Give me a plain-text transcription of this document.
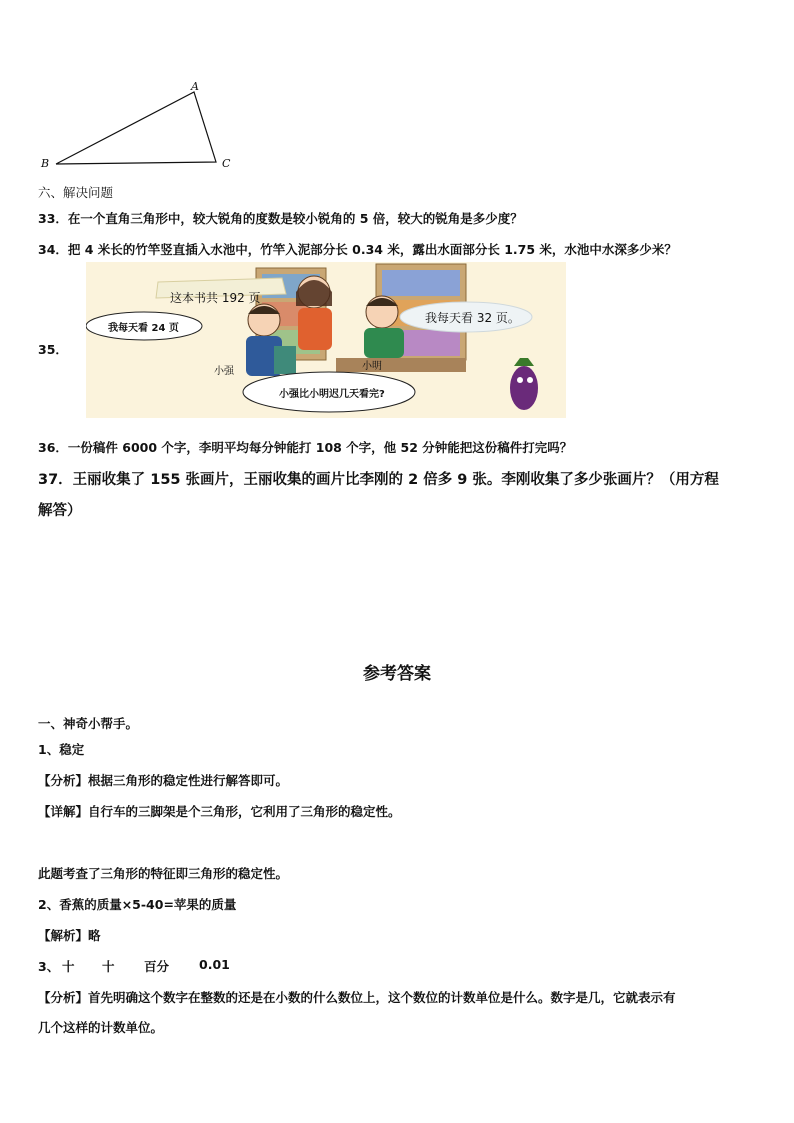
A
B	C
六、解决问题
33．在一个直角三角形中，较大锐角的度数是较小锐角的 5 倍，较大的锐角是多少度？
34．把 4 米长的竹竿竖直插入水池中，竹竿入泥部分长 0.34 米，露出水面部分长 1.75 米，水池中水深多少米？
35．
这本书共 192 页
我每天看 24 页
我每天看 32 页。
小强比小明迟几天看完?
小强	小明
36．一份稿件 6000 个字，李明平均每分钟能打 108 个字，他 52 分钟能把这份稿件打完吗？
37．王丽收集了 155 张画片，王丽收集的画片比李刚的 2 倍多 9 张。李刚收集了多少张画片？（用方程
解答）
参考答案
一、神奇小帮手。
1、稳定
【分析】根据三角形的稳定性进行解答即可。
【详解】自行车的三脚架是个三角形，它利用了三角形的稳定性。
此题考查了三角形的特征即三角形的稳定性。
2、香蕉的质量×5-40=苹果的质量
【解析】略
3、 十 十 百分 0.01
【分析】首先明确这个数字在整数的还是在小数的什么数位上，这个数位的计数单位是什么。数字是几，它就表示有
几个这样的计数单位。
